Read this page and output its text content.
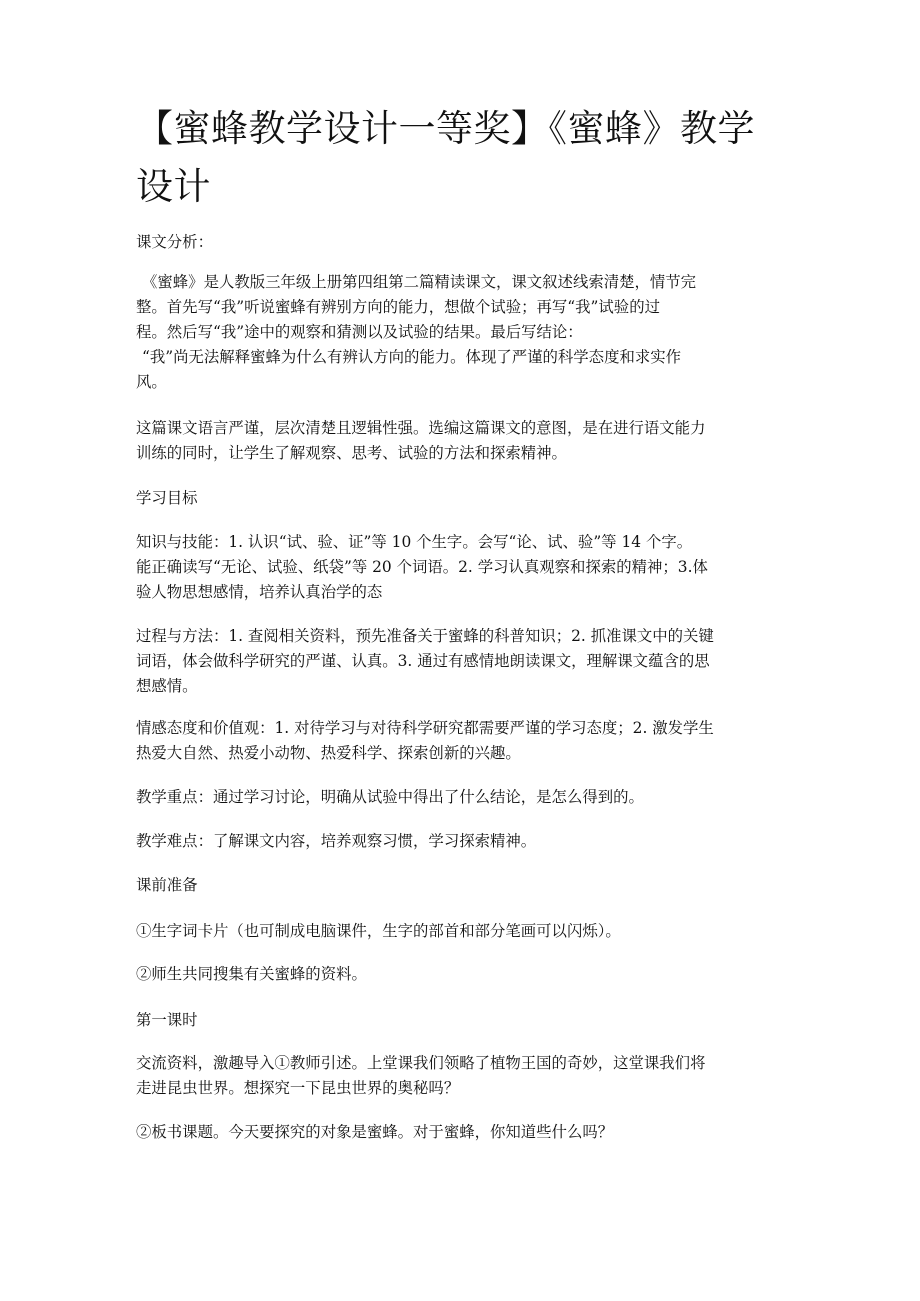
【蜜蜂教学设计一等奖】《蜜蜂》教学
设计

课文分析：

《蜜蜂》是人教版三年级上册第四组第二篇精读课文，课文叙述线索清楚，情节完
整。首先写“我”听说蜜蜂有辨别方向的能力，想做个试验；再写“我”试验的过
程。然后写“我”途中的观察和猜测以及试验的结果。最后写结论：
“我”尚无法解释蜜蜂为什么有辨认方向的能力。体现了严谨的科学态度和求实作
风。

这篇课文语言严谨，层次清楚且逻辑性强。选编这篇课文的意图，是在进行语文能力
训练的同时，让学生了解观察、思考、试验的方法和探索精神。

学习目标

知识与技能：1. 认识“试、验、证”等 10 个生字。会写“论、试、验”等 14 个字。
能正确读写“无论、试验、纸袋”等 20 个词语。2. 学习认真观察和探索的精神；3.体
验人物思想感情，培养认真治学的态

过程与方法：1. 查阅相关资料，预先准备关于蜜蜂的科普知识；2. 抓准课文中的关键
词语，体会做科学研究的严谨、认真。3. 通过有感情地朗读课文，理解课文蕴含的思
想感情。

情感态度和价值观：1. 对待学习与对待科学研究都需要严谨的学习态度；2. 激发学生
热爱大自然、热爱小动物、热爱科学、探索创新的兴趣。

教学重点：通过学习讨论，明确从试验中得出了什么结论，是怎么得到的。

教学难点：了解课文内容，培养观察习惯，学习探索精神。

课前准备

①生字词卡片（也可制成电脑课件，生字的部首和部分笔画可以闪烁）。

②师生共同搜集有关蜜蜂的资料。

第一课时

交流资料，激趣导入①教师引述。上堂课我们领略了植物王国的奇妙，这堂课我们将
走进昆虫世界。想探究一下昆虫世界的奥秘吗？

②板书课题。今天要探究的对象是蜜蜂。对于蜜蜂，你知道些什么吗？
